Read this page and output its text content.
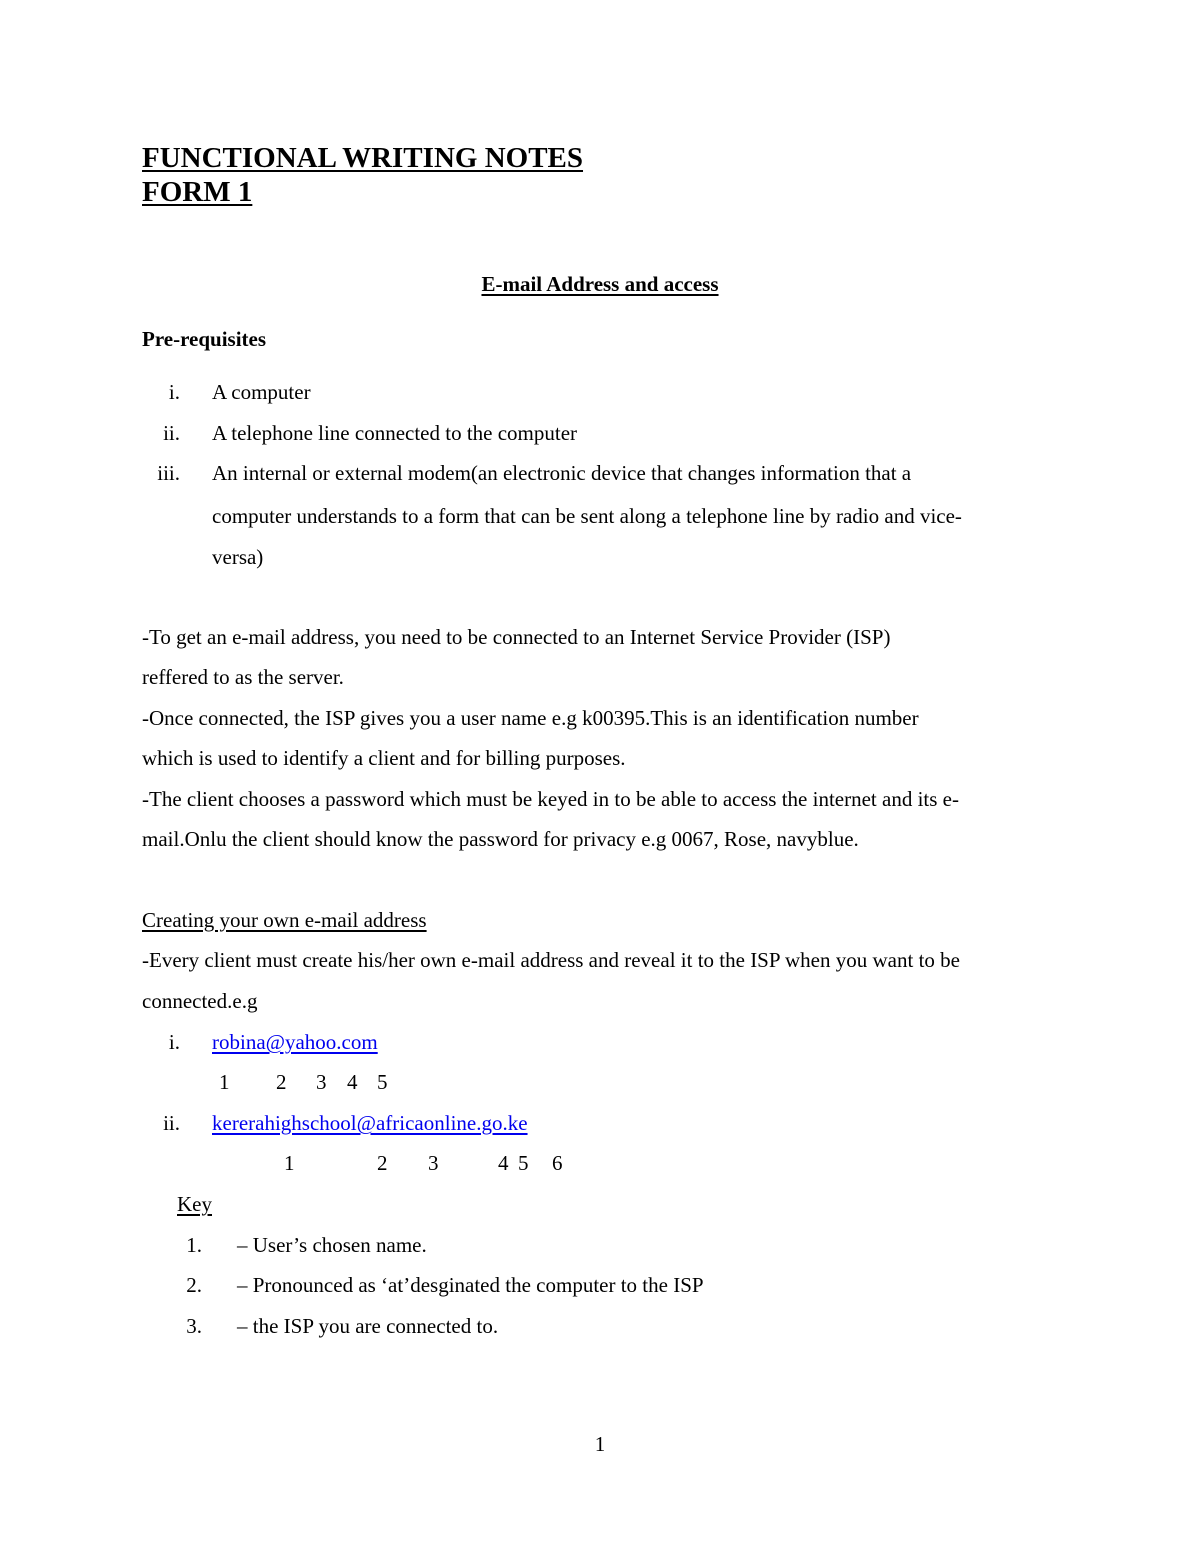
FUNCTIONAL WRITING NOTES
FORM 1
E-mail Address and access
Pre-requisites
i. A computer
ii. A telephone line connected to the computer
iii. An internal or external modem(an electronic device that changes information that a
computer understands to a form that can be sent along a telephone line by radio and vice-
versa)
-To get an e-mail address, you need to be connected to an Internet Service Provider (ISP)
reffered to as the server.
-Once connected, the ISP gives you a user name e.g k00395.This is an identification number
which is used to identify a client and for billing purposes.
-The client chooses a password which must be keyed in to be able to access the internet and its e-
mail.Onlu the client should know the password for privacy e.g 0067, Rose, navyblue.
Creating your own e-mail address
-Every client must create his/her own e-mail address and reveal it to the ISP when you want to be
connected.e.g
i. robina@yahoo.com
1 2 3 4 5
ii. kererahighschool@africaonline.go.ke
1	2 3	4 5 6
Key
1. – User’s chosen name.
2. – Pronounced as ‘at’desginated the computer to the ISP
3. – the ISP you are connected to.
1
